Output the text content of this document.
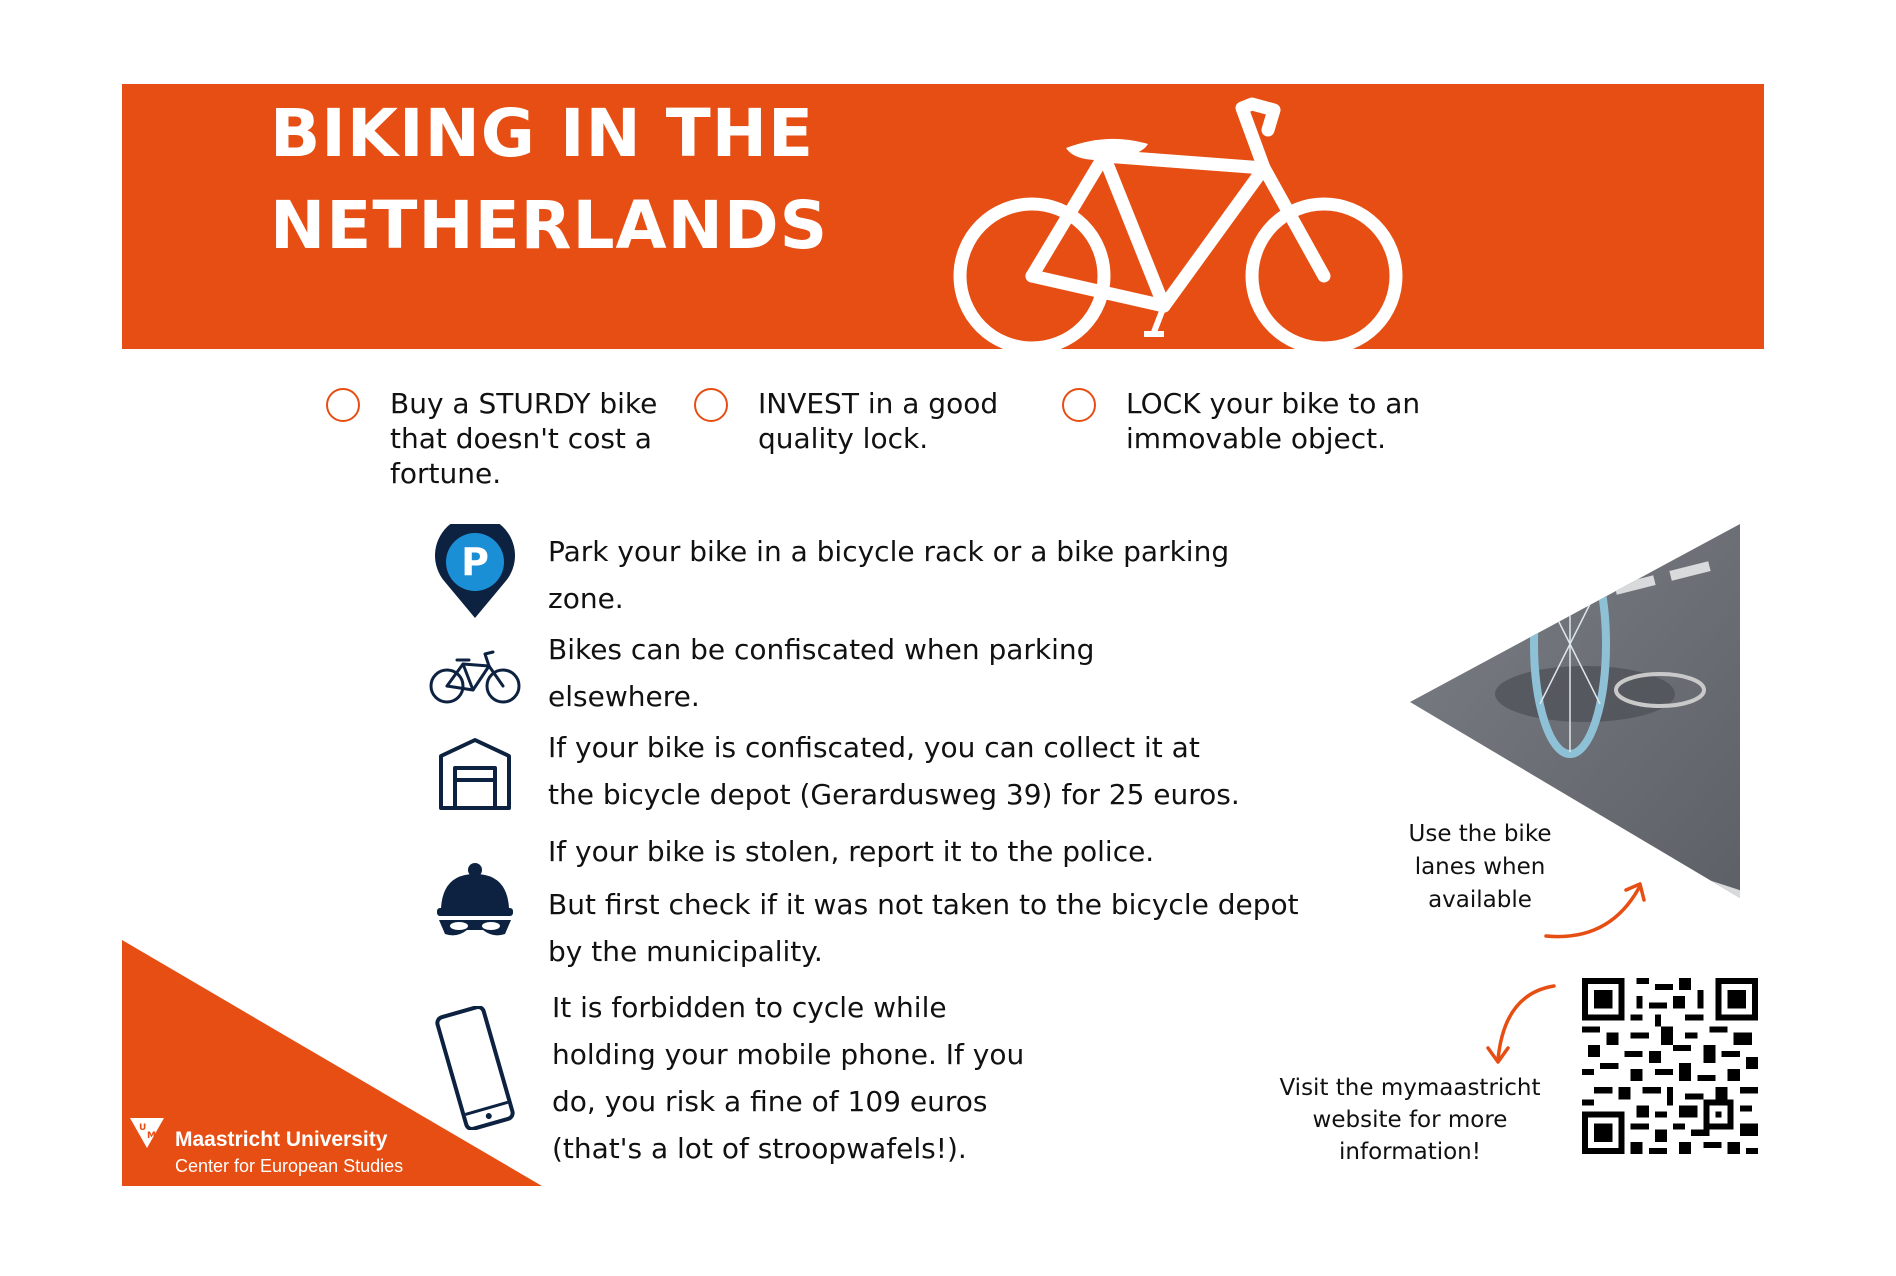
BIKING IN THE
NETHERLANDS
Buy a STURDY bike that doesn't cost a fortune.
INVEST in a good quality lock.
LOCK your bike to an immovable object.
P Park your bike in a bicycle rack or a bike parking

zone.

Bikes can be confiscated when parking

elsewhere.

If your bike is confiscated, you can collect it at

the bicycle depot (Gerardusweg 39) for 25 euros.

If your bike is stolen, report it to the police.

But first check if it was not taken to the bicycle depot

by the municipality.

It is forbidden to cycle while

holding your mobile phone. If you

do, you risk a fine of 109 euros

(that's a lot of stroopwafels!).

U
M Maastricht University
Center for European Studies
Use the bike
lanes when
available
Visit the mymaastricht
website for more
information!
